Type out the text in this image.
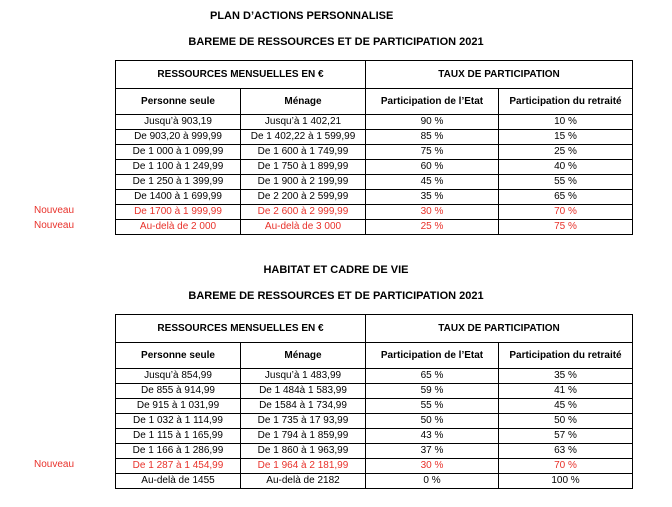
PLAN D’ACTIONS PERSONNALISE
BAREME DE RESSOURCES ET DE PARTICIPATION 2021
RESSOURCES MENSUELLES EN €		TAUX DE PARTICIPATION	
Personne seule	Ménage	Participation de l’Etat	Participation du retraité
Jusqu’à 903,19	Jusqu’à 1 402,21	90 %	10 %
De 903,20 à 999,99	De 1 402,22 à 1 599,99	85 %	15 %
De 1 000 à 1 099,99	De 1 600 à 1 749,99	75 %	25 %
De 1 100 à 1 249,99	De 1 750 à 1 899,99	60 %	40 %
De 1 250 à 1 399,99	De 1 900 à 2 199,99	45 %	55 %
De 1400 à 1 699,99	De 2 200 à 2 599,99	35 %	65 %
De 1700 à 1 999,99	De 2 600 à 2 999,99	30 %	70 %
Au-delà de 2 000	Au-delà de 3 000	25 %	75 %
Nouveau
Nouveau
HABITAT ET CADRE DE VIE
BAREME DE RESSOURCES ET DE PARTICIPATION 2021
RESSOURCES MENSUELLES EN €		TAUX DE PARTICIPATION	
Personne seule	Ménage	Participation de l’Etat	Participation du retraité
Jusqu’à 854,99	Jusqu’à 1 483,99	65 %	35 %
De 855 à 914,99	De 1 484à 1 583,99	59 %	41 %
De 915 à 1 031,99	De 1584 à 1 734,99	55 %	45 %
De 1 032 à 1 114,99	De 1 735 à 17 93,99	50 %	50 %
De 1 115 à 1 165,99	De 1 794 à 1 859,99	43 %	57 %
De 1 166 à 1 286,99	De 1 860 à 1 963,99	37 %	63 %
De 1 287 à 1 454,99	De 1 964 à 2 181,99	30 %	70 %
Au-delà de 1455	Au-delà de 2182	0 %	100 %
Nouveau
